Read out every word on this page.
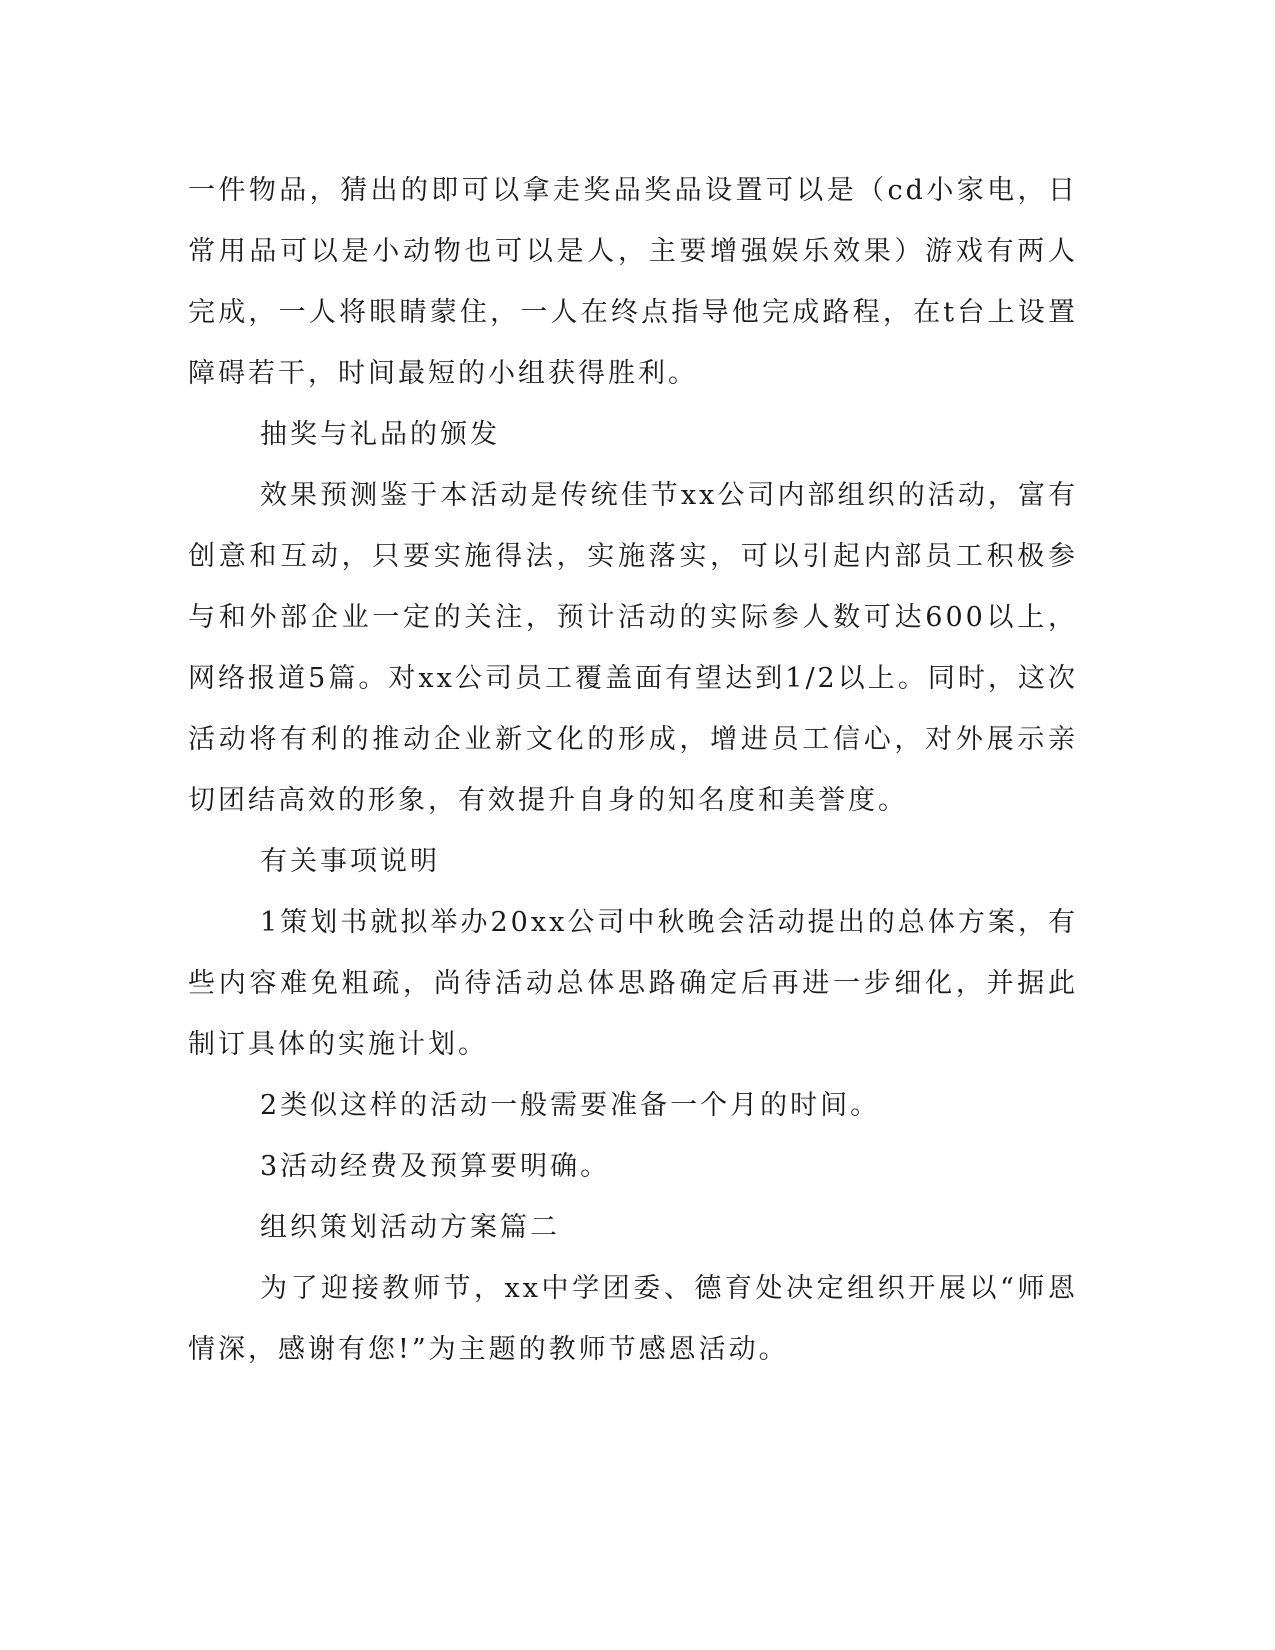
一件物品，猜出的即可以拿走奖品奖品设置可以是（cd小家电，日常用品可以是小动物也可以是人，主要增强娱乐效果）游戏有两人完成，一人将眼睛蒙住，一人在终点指导他完成路程，在t台上设置障碍若干，时间最短的小组获得胜利。

抽奖与礼品的颁发

效果预测鉴于本活动是传统佳节xx公司内部组织的活动，富有创意和互动，只要实施得法，实施落实，可以引起内部员工积极参与和外部企业一定的关注，预计活动的实际参人数可达600以上，网络报道5篇。对xx公司员工覆盖面有望达到1/2以上。同时，这次活动将有利的推动企业新文化的形成，增进员工信心，对外展示亲切团结高效的形象，有效提升自身的知名度和美誉度。

有关事项说明

1策划书就拟举办20xx公司中秋晚会活动提出的总体方案，有些内容难免粗疏，尚待活动总体思路确定后再进一步细化，并据此制订具体的实施计划。

2类似这样的活动一般需要准备一个月的时间。

3活动经费及预算要明确。

组织策划活动方案篇二

为了迎接教师节，xx中学团委、德育处决定组织开展以“师恩情深，感谢有您!”为主题的教师节感恩活动。
